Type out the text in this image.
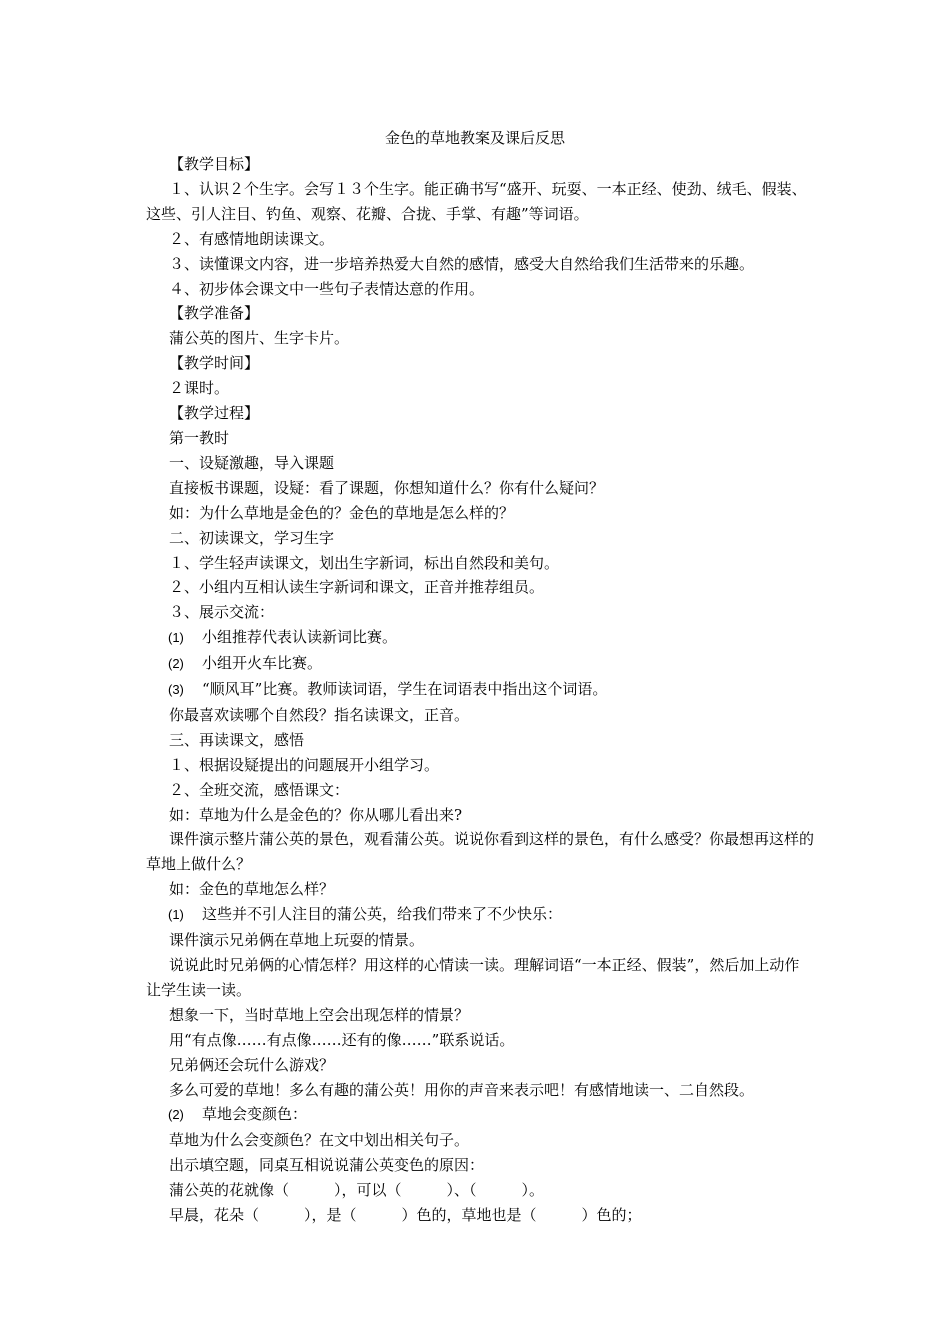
金色的草地教案及课后反思

【教学目标】

１、认识２个生字。会写１３个生字。能正确书写“盛开、玩耍、一本正经、使劲、绒毛、假装、这些、引人注目、钓鱼、观察、花瓣、合拢、手掌、有趣”等词语。

２、有感情地朗读课文。

３、读懂课文内容，进一步培养热爱大自然的感情，感受大自然给我们生活带来的乐趣。

４、初步体会课文中一些句子表情达意的作用。

【教学准备】

蒲公英的图片、生字卡片。

【教学时间】

２课时。

【教学过程】

第一教时

一、设疑激趣，导入课题

直接板书课题，设疑：看了课题，你想知道什么？你有什么疑问？

如：为什么草地是金色的？金色的草地是怎么样的？

二、初读课文，学习生字

１、学生轻声读课文，划出生字新词，标出自然段和美句。

２、小组内互相认读生字新词和课文，正音并推荐组员。

３、展示交流：

(1) 小组推荐代表认读新词比赛。

(2) 小组开火车比赛。

(3) “顺风耳”比赛。教师读词语，学生在词语表中指出这个词语。

你最喜欢读哪个自然段？指名读课文，正音。

三、再读课文，感悟

１、根据设疑提出的问题展开小组学习。

２、全班交流，感悟课文：

如：草地为什么是金色的？你从哪儿看出来?

课件演示整片蒲公英的景色，观看蒲公英。说说你看到这样的景色，有什么感受？你最想再这样的草地上做什么？

如：金色的草地怎么样？

(1) 这些并不引人注目的蒲公英，给我们带来了不少快乐：

课件演示兄弟俩在草地上玩耍的情景。

说说此时兄弟俩的心情怎样？用这样的心情读一读。理解词语“一本正经、假装”，然后加上动作让学生读一读。

想象一下，当时草地上空会出现怎样的情景？

用“有点像……有点像……还有的像……”联系说话。

兄弟俩还会玩什么游戏？

多么可爱的草地！多么有趣的蒲公英！用你的声音来表示吧！有感情地读一、二自然段。

(2) 草地会变颜色：

草地为什么会变颜色？在文中划出相关句子。

出示填空题，同桌互相说说蒲公英变色的原因：

蒲公英的花就像（　　　），可以（　　　）、（　　　）。

早晨，花朵（　　　），是（　　　）色的，草地也是（　　　）色的；
